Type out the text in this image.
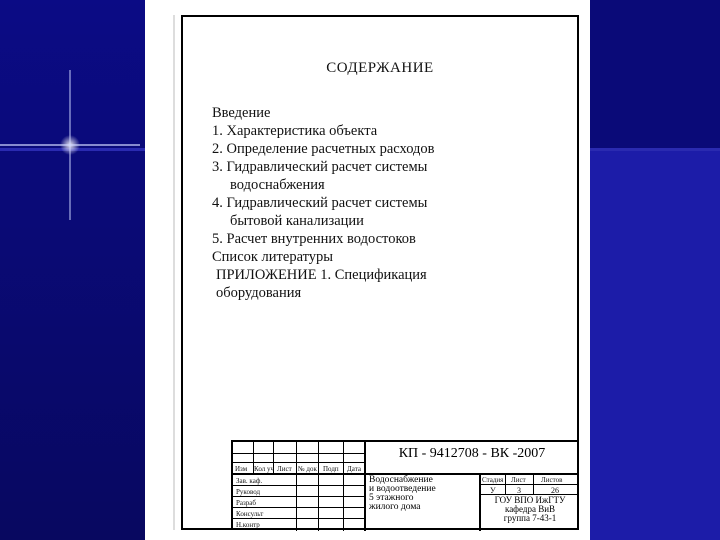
СОДЕРЖАНИЕ
Введение
1. Характеристика объекта
2. Определение расчетных расходов
3. Гидравлический расчет системы
водоснабжения
4. Гидравлический расчет системы
бытовой канализации
5. Расчет внутренних водостоков
Список литературы
ПРИЛОЖЕНИЕ 1. Спецификация
оборудования
КП - 9412708 - ВК -2007
Изм Кол уч Лист № док Подп Дата
Зав. каф.
Руковод
Разраб
Консульт
Н.контр
Водоснабжение
и водоотведение
5 этажного
жилого дома
Стадия Лист Листов
У	3	26
ГОУ ВПО ИжГТУ
кафедра ВиВ
группа 7-43-1
